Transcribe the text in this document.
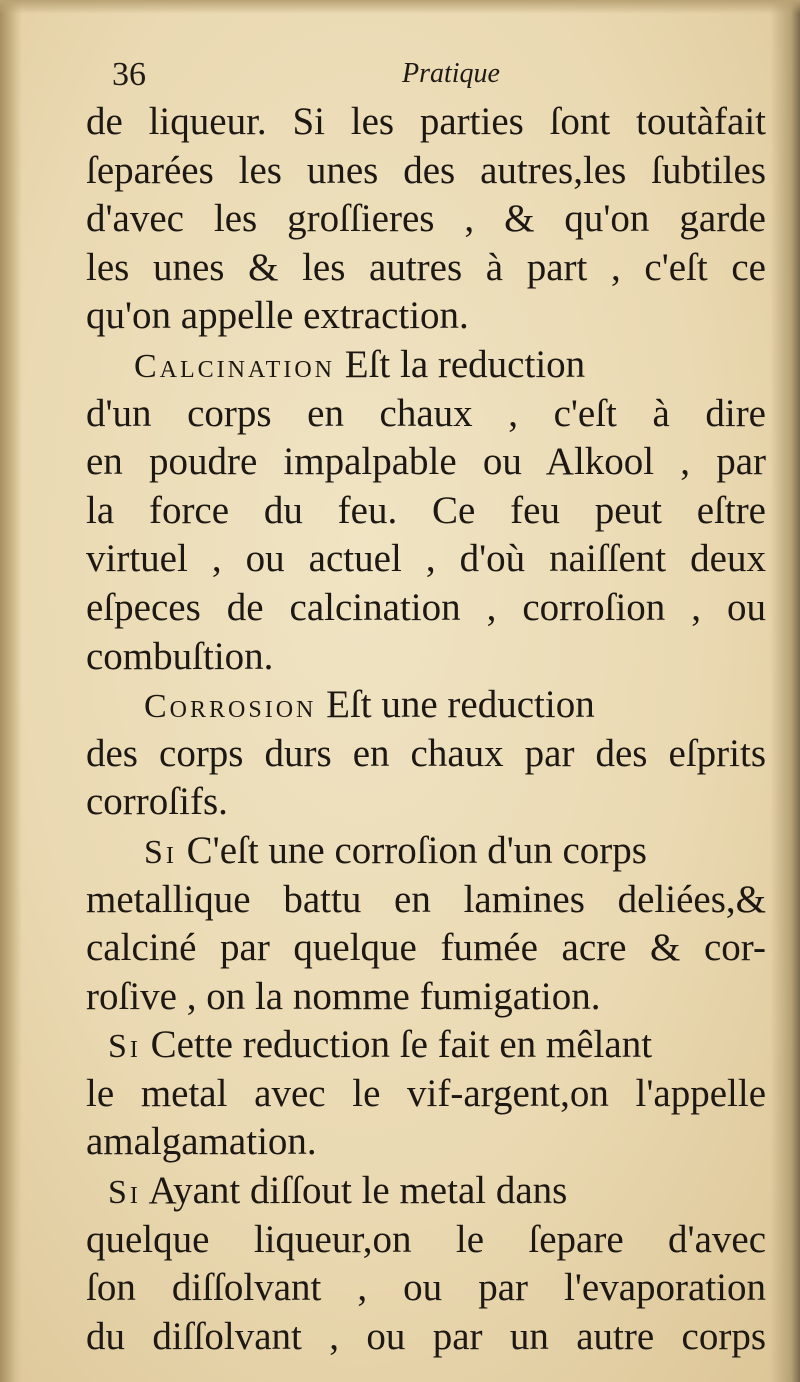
36	Pratique
de liqueur. Si les parties ſont toutàfait
ſeparées les unes des autres,les ſubtiles
d'avec les groſſieres , & qu'on garde
les unes & les autres à part , c'eſt ce
qu'on appelle extraction.
Calcination Eſt la reduction
d'un corps en chaux , c'eſt à dire
en poudre impalpable ou Alkool , par
la force du feu. Ce feu peut eſtre
virtuel , ou actuel , d'où naiſſent deux
eſpeces de calcination , corroſion , ou
combuſtion.
Corrosion Eſt une reduction
des corps durs en chaux par des eſprits
corroſifs.
Si C'eſt une corroſion d'un corps
metallique battu en lamines deliées,&
calciné par quelque fumée acre & cor-
roſive , on la nomme fumigation.
Si Cette reduction ſe fait en mêlant
le metal avec le vif-argent,on l'appelle
amalgamation.
Si Ayant diſſout le metal dans
quelque liqueur,on le ſepare d'avec
ſon diſſolvant , ou par l'evaporation
du diſſolvant , ou par un autre corps
